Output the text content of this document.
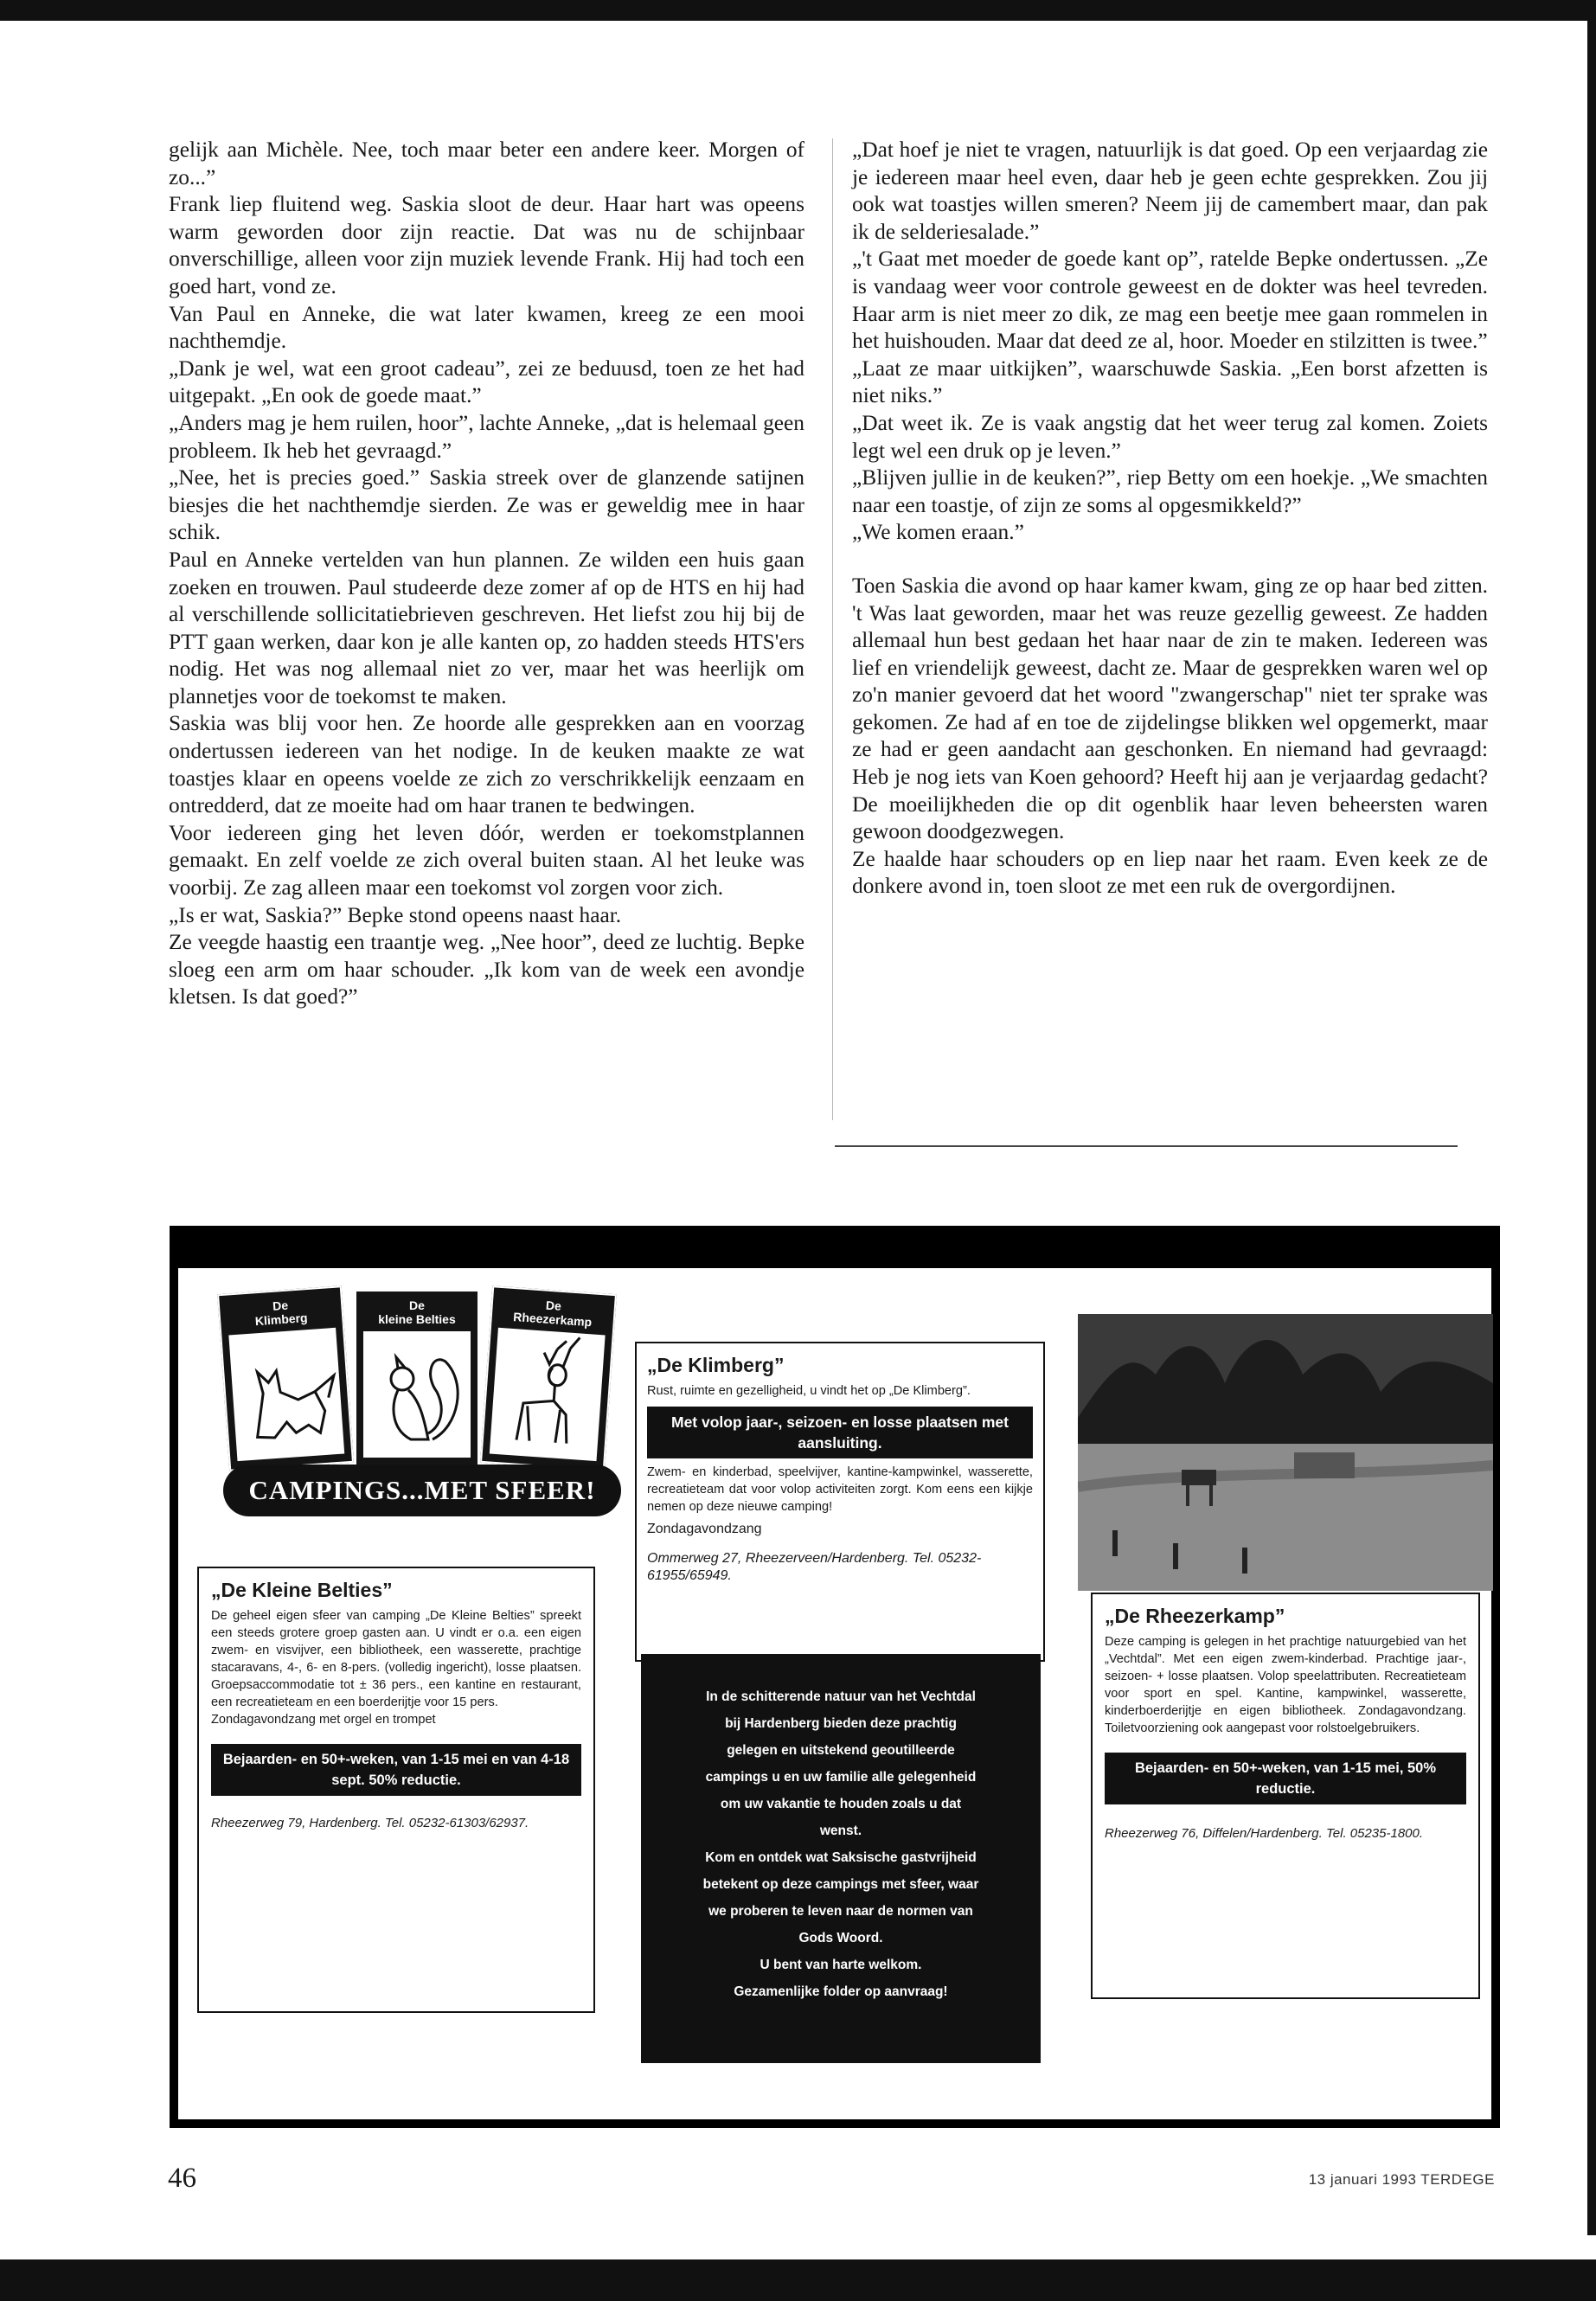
gelijk aan Michèle. Nee, toch maar beter een andere keer. Morgen of zo...”

Frank liep fluitend weg. Saskia sloot de deur. Haar hart was opeens warm geworden door zijn reactie. Dat was nu de schijnbaar onverschillige, alleen voor zijn muziek levende Frank. Hij had toch een goed hart, vond ze.

Van Paul en Anneke, die wat later kwamen, kreeg ze een mooi nachthemdje.

„Dank je wel, wat een groot cadeau”, zei ze beduusd, toen ze het had uitgepakt. „En ook de goede maat.”

„Anders mag je hem ruilen, hoor”, lachte Anneke, „dat is helemaal geen probleem. Ik heb het gevraagd.”

„Nee, het is precies goed.” Saskia streek over de glanzende satijnen biesjes die het nachthemdje sierden. Ze was er geweldig mee in haar schik.

Paul en Anneke vertelden van hun plannen. Ze wilden een huis gaan zoeken en trouwen. Paul studeerde deze zomer af op de HTS en hij had al verschillende sollicitatiebrieven geschreven. Het liefst zou hij bij de PTT gaan werken, daar kon je alle kanten op, zo hadden steeds HTS'ers nodig. Het was nog allemaal niet zo ver, maar het was heerlijk om plannetjes voor de toekomst te maken.

Saskia was blij voor hen. Ze hoorde alle gesprekken aan en voorzag ondertussen iedereen van het nodige. In de keuken maakte ze wat toastjes klaar en opeens voelde ze zich zo verschrikkelijk eenzaam en ontredderd, dat ze moeite had om haar tranen te bedwingen.

Voor iedereen ging het leven dóór, werden er toekomstplannen gemaakt. En zelf voelde ze zich overal buiten staan. Al het leuke was voorbij. Ze zag alleen maar een toekomst vol zorgen voor zich.

„Is er wat, Saskia?” Bepke stond opeens naast haar.

Ze veegde haastig een traantje weg. „Nee hoor”, deed ze luchtig. Bepke sloeg een arm om haar schouder. „Ik kom van de week een avondje kletsen. Is dat goed?”

„Dat hoef je niet te vragen, natuurlijk is dat goed. Op een verjaardag zie je iedereen maar heel even, daar heb je geen echte gesprekken. Zou jij ook wat toastjes willen smeren? Neem jij de camembert maar, dan pak ik de selderiesalade.”

„'t Gaat met moeder de goede kant op”, ratelde Bepke ondertussen. „Ze is vandaag weer voor controle geweest en de dokter was heel tevreden. Haar arm is niet meer zo dik, ze mag een beetje mee gaan rommelen in het huishouden. Maar dat deed ze al, hoor. Moeder en stilzitten is twee.”

„Laat ze maar uitkijken”, waarschuwde Saskia. „Een borst afzetten is niet niks.”

„Dat weet ik. Ze is vaak angstig dat het weer terug zal komen. Zoiets legt wel een druk op je leven.”

„Blijven jullie in de keuken?”, riep Betty om een hoekje. „We smachten naar een toastje, of zijn ze soms al opgesmikkeld?”

„We komen eraan.”

Toen Saskia die avond op haar kamer kwam, ging ze op haar bed zitten. 't Was laat geworden, maar het was reuze gezellig geweest. Ze hadden allemaal hun best gedaan het haar naar de zin te maken. Iedereen was lief en vriendelijk geweest, dacht ze. Maar de gesprekken waren wel op zo'n manier gevoerd dat het woord "zwangerschap" niet ter sprake was gekomen. Ze had af en toe de zijdelingse blikken wel opgemerkt, maar ze had er geen aandacht aan geschonken. En niemand had gevraagd: Heb je nog iets van Koen gehoord? Heeft hij aan je verjaardag gedacht? De moeilijkheden die op dit ogenblik haar leven beheersten waren gewoon doodgezwegen.

Ze haalde haar schouders op en liep naar het raam. Even keek ze de donkere avond in, toen sloot ze met een ruk de overgordijnen.

De
Klimberg
De
kleine Belties
De
Rheezerkamp
CAMPINGS...MET SFEER!

„De Klimberg”

Rust, ruimte en gezelligheid, u vindt het op „De Klimberg”.

Met volop jaar-, seizoen- en losse plaatsen met aansluiting.

Zwem- en kinderbad, speelvijver, kantine-kampwinkel, wasserette, recreatieteam dat voor volop activiteiten zorgt. Kom eens een kijkje nemen op deze nieuwe camping!

Zondagavondzang

Ommerweg 27, Rheezerveen/Hardenberg. Tel. 05232-61955/65949.

„De Kleine Belties”

De geheel eigen sfeer van camping „De Kleine Belties” spreekt een steeds grotere groep gasten aan. U vindt er o.a. een eigen zwem- en visvijver, een bibliotheek, een wasserette, prachtige stacaravans, 4-, 6- en 8-pers. (volledig ingericht), losse plaatsen. Groepsaccommodatie tot ± 36 pers., een kantine en restaurant, een recreatieteam en een boerderijtje voor 15 pers.

Zondagavondzang met orgel en trompet

Bejaarden- en 50+-weken, van 1-15 mei en van 4-18 sept. 50% reductie.
Rheezerweg 79, Hardenberg. Tel. 05232-61303/62937.
In de schitterende natuur van het Vechtdal
bij Hardenberg bieden deze prachtig
gelegen en uitstekend geoutilleerde
campings u en uw familie alle gelegenheid
om uw vakantie te houden zoals u dat
wenst.
Kom en ontdek wat Saksische gastvrijheid
betekent op deze campings met sfeer, waar
we proberen te leven naar de normen van
Gods Woord.
U bent van harte welkom.
Gezamenlijke folder op aanvraag!

„De Rheezerkamp”

Deze camping is gelegen in het prachtige natuurgebied van het „Vechtdal”. Met een eigen zwem-kinderbad. Prachtige jaar-, seizoen- + losse plaatsen. Volop speelattributen. Recreatieteam voor sport en spel. Kantine, kampwinkel, wasserette, kinderboerderijtje en eigen bibliotheek. Zondagavondzang. Toiletvoorziening ook aangepast voor rolstoelgebruikers.

Bejaarden- en 50+-weken, van 1-15 mei, 50% reductie.
Rheezerweg 76, Diffelen/Hardenberg. Tel. 05235-1800.
46	13 januari 1993 TERDEGE
